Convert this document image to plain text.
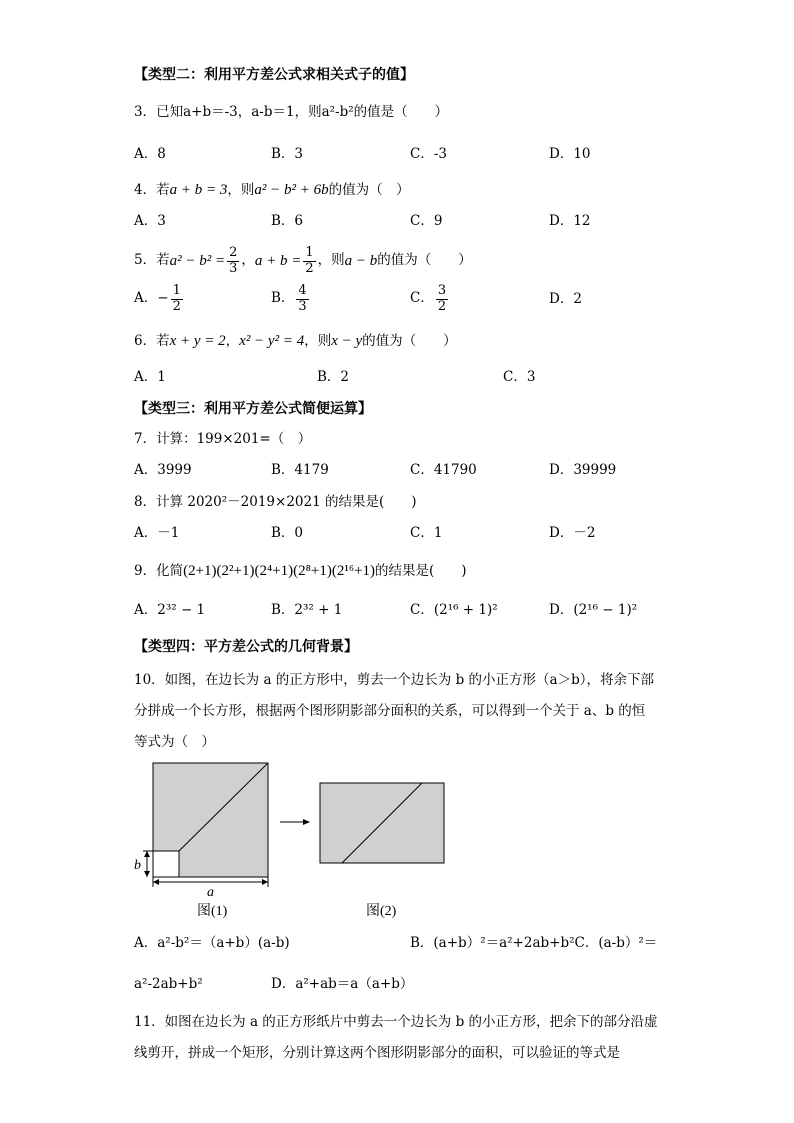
【类型二：利用平方差公式求相关式子的值】
3．已知a+b＝-3，a-b＝1，则a²-b²的值是（　　）
A．8	B．3	C．-3	D．10
4．若a + b = 3，则a² − b² + 6b的值为（　）
A．3	B．6	C．9	D．12
5．若 $a^2 - b^2 = \frac{2}{3}$ ， $a + b = \frac{1}{2}$ ，则 a − b 的值为（　　）
A． − $\frac{1}{2}$	B． $\frac{4}{3}$	C． $\frac{3}{2}$	D．2
6．若x + y = 2，x² − y² = 4，则x − y的值为（　　）
A．1	B．2	C．3
【类型三：利用平方差公式简便运算】
7．计算：199×201=（　）
A．3999	B．4179	C．41790	D．39999
8．计算 2020²－2019×2021 的结果是(　　)
A．－1	B．0	C．1	D．－2
9．化简(2+1)(2²+1)(2⁴+1)(2⁸+1)(2¹⁶+1)的结果是(　　)
A．2³² − 1	B．2³² + 1	C．(2¹⁶ + 1)²	D．(2¹⁶ − 1)²
【类型四：平方差公式的几何背景】
10．如图，在边长为 a 的正方形中，剪去一个边长为 b 的小正方形（a＞b），将余下部
分拼成一个长方形，根据两个图形阴影部分面积的关系，可以得到一个关于 a、b 的恒
等式为（　）
b
a
图(1)	图(2)
A．a²-b²＝（a+b）(a-b)	B．(a+b）²＝a²+2ab+b²C．(a-b）²＝
a²-2ab+b²	D．a²+ab＝a（a+b）
11．如图在边长为 a 的正方形纸片中剪去一个边长为 b 的小正方形，把余下的部分沿虚
线剪开，拼成一个矩形，分别计算这两个图形阴影部分的面积，可以验证的等式是
